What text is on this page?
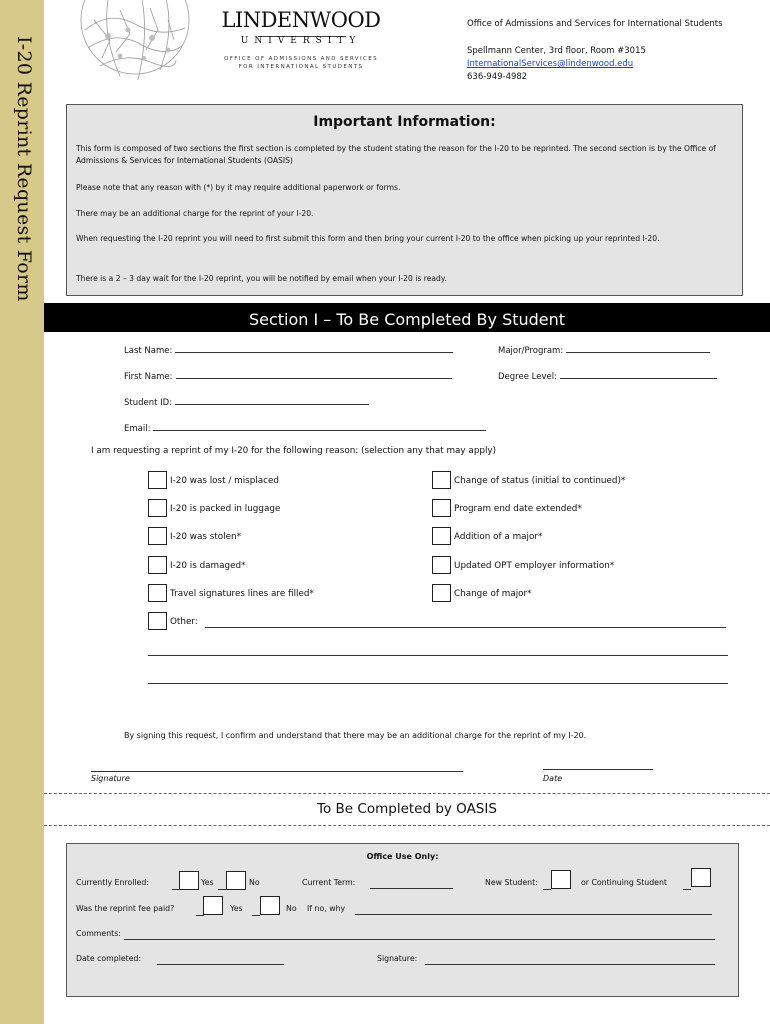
I-20 Reprint Request Form
LINDENWOOD
UNIVERSITY
OFFICE OF ADMISSIONS AND SERVICES
FOR INTERNATIONAL STUDENTS
Office of Admissions and Services for International Students
Spellmann Center, 3rd floor, Room #3015
InternationalServices@lindenwood.edu
636-949-4982
Important Information:
This form is composed of two sections the first section is completed by the student stating the reason for the I-20 to be reprinted. The second section is by the Office of Admissions & Services for International Students (OASIS)
Please note that any reason with (*) by it may require additional paperwork or forms.
There may be an additional charge for the reprint of your I-20.
When requesting the I-20 reprint you will need to first submit this form and then bring your current I-20 to the office when picking up your reprinted I-20.
There is a 2 – 3 day wait for the I-20 reprint, you will be notified by email when your I-20 is ready.
Section I – To Be Completed By Student
Last Name:
First Name:
Student ID:
Email:
Major/Program:
Degree Level:
I am requesting a reprint of my I-20 for the following reason: (selection any that may apply)
I-20 was lost / misplaced
I-20 is packed in luggage
I-20 was stolen*
I-20 is damaged*
Travel signatures lines are filled*
Change of status (initial to continued)*
Program end date extended*
Addition of a major*
Updated OPT employer information*
Change of major*
Other:
By signing this request, I confirm and understand that there may be an additional charge for the reprint of my I-20.
Signature	Date
To Be Completed by OASIS
Office Use Only:
Currently Enrolled:	Yes	No	Current Term:	New Student:	or Continuing Student
Was the reprint fee paid?	Yes	No If no, why
Comments:
Date completed:	Signature:
